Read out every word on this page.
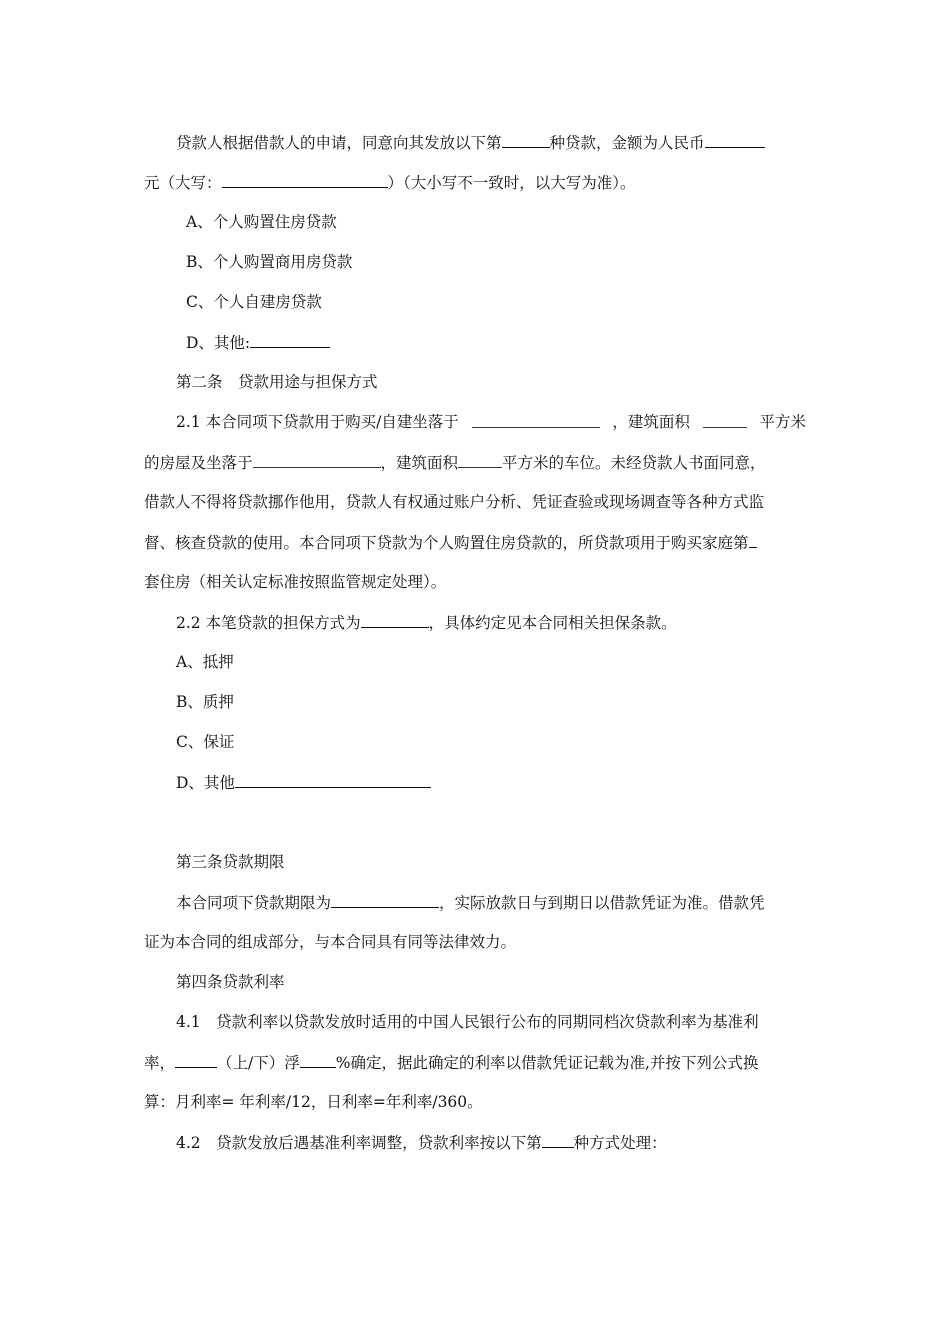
贷款人根据借款人的申请，同意向其发放以下第	种贷款，金额为人民币
元（大写：	）（大小写不一致时，以大写为准）。
A、个人购置住房贷款
B、个人购置商用房贷款
C、个人自建房贷款
D、其他:
第二条　贷款用途与担保方式
2.1 本合同项下贷款用于购买/自建坐落于	，建筑面积	平方米
的房屋及坐落于	，建筑面积	平方米的车位。未经贷款人书面同意，
借款人不得将贷款挪作他用，贷款人有权通过账户分析、凭证查验或现场调查等各种方式监
督、核查贷款的使用。本合同项下贷款为个人购置住房贷款的，所贷款项用于购买家庭第
套住房（相关认定标准按照监管规定处理）。
2.2 本笔贷款的担保方式为	，具体约定见本合同相关担保条款。
A、抵押
B、质押
C、保证
D、其他
第三条贷款期限
本合同项下贷款期限为	，实际放款日与到期日以借款凭证为准。借款凭
证为本合同的组成部分，与本合同具有同等法律效力。
第四条贷款利率
4.1　贷款利率以贷款发放时适用的中国人民银行公布的同期同档次贷款利率为基准利
率，	（上/下）浮 %确定，据此确定的利率以借款凭证记载为准,并按下列公式换
算：月利率= 年利率/12，日利率=年利率/360。
4.2　贷款发放后遇基准利率调整，贷款利率按以下第 种方式处理：
